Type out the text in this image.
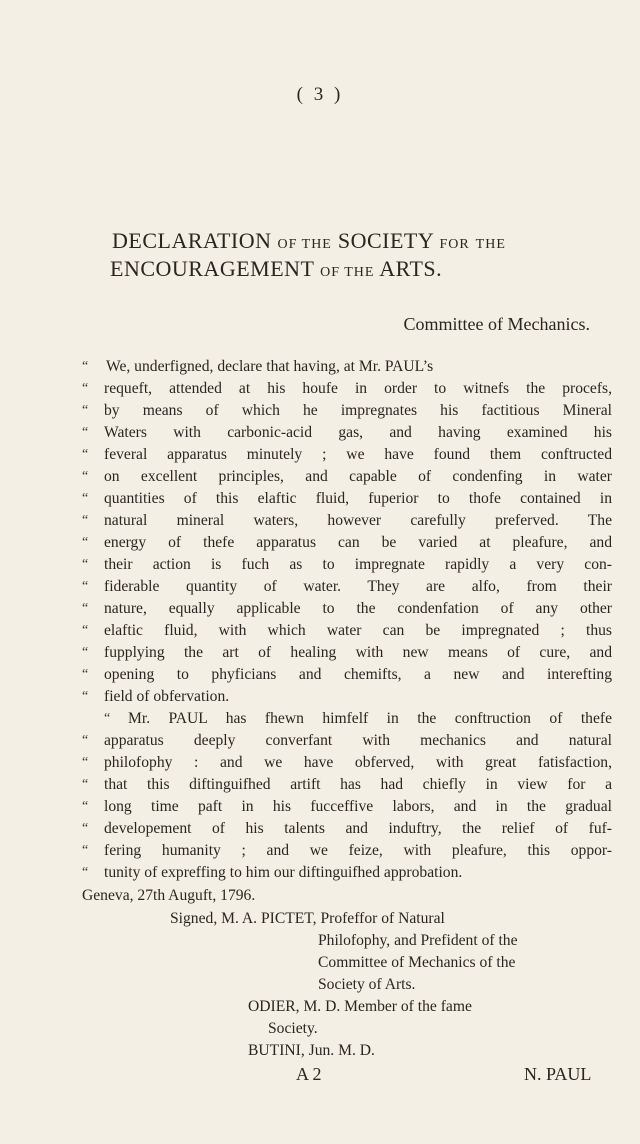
( 3 )
DECLARATION OF THE SOCIETY FOR THE
ENCOURAGEMENT OF THE ARTS.
Committee of Mechanics.
“ We, underfigned, declare that having, at Mr. PAUL’s
“ requeft, attended at his houfe in order to witnefs the procefs,
“ by means of which he impregnates his factitious Mineral
“ Waters with carbonic-acid gas, and having examined his
“ feveral apparatus minutely ; we have found them conftructed
“ on excellent principles, and capable of condenfing in water
“ quantities of this elaftic fluid, fuperior to thofe contained in
“ natural mineral waters, however carefully preferved. The
“ energy of thefe apparatus can be varied at pleafure, and
“ their action is fuch as to impregnate rapidly a very con-
“ fiderable quantity of water. They are alfo, from their
“ nature, equally applicable to the condenfation of any other
“ elaftic fluid, with which water can be impregnated ; thus
“ fupplying the art of healing with new means of cure, and
“ opening to phyficians and chemifts, a new and interefting
“ field of obfervation.
“ Mr. PAUL has fhewn himfelf in the conftruction of thefe
“ apparatus deeply converfant with mechanics and natural
“ philofophy : and we have obferved, with great fatisfaction,
“ that this diftinguifhed artift has had chiefly in view for a
“ long time paft in his fucceffive labors, and in the gradual
“ developement of his talents and induftry, the relief of fuf-
“ fering humanity ; and we feize, with pleafure, this oppor-
“ tunity of expreffing to him our diftinguifhed approbation.
Geneva, 27th Auguft, 1796.
Signed, M. A. PICTET, Profeffor of Natural
Philofophy, and Prefident of the
Committee of Mechanics of the
Society of Arts.
ODIER, M. D. Member of the fame
Society.
BUTINI, Jun. M. D.
A 2	N. PAUL
